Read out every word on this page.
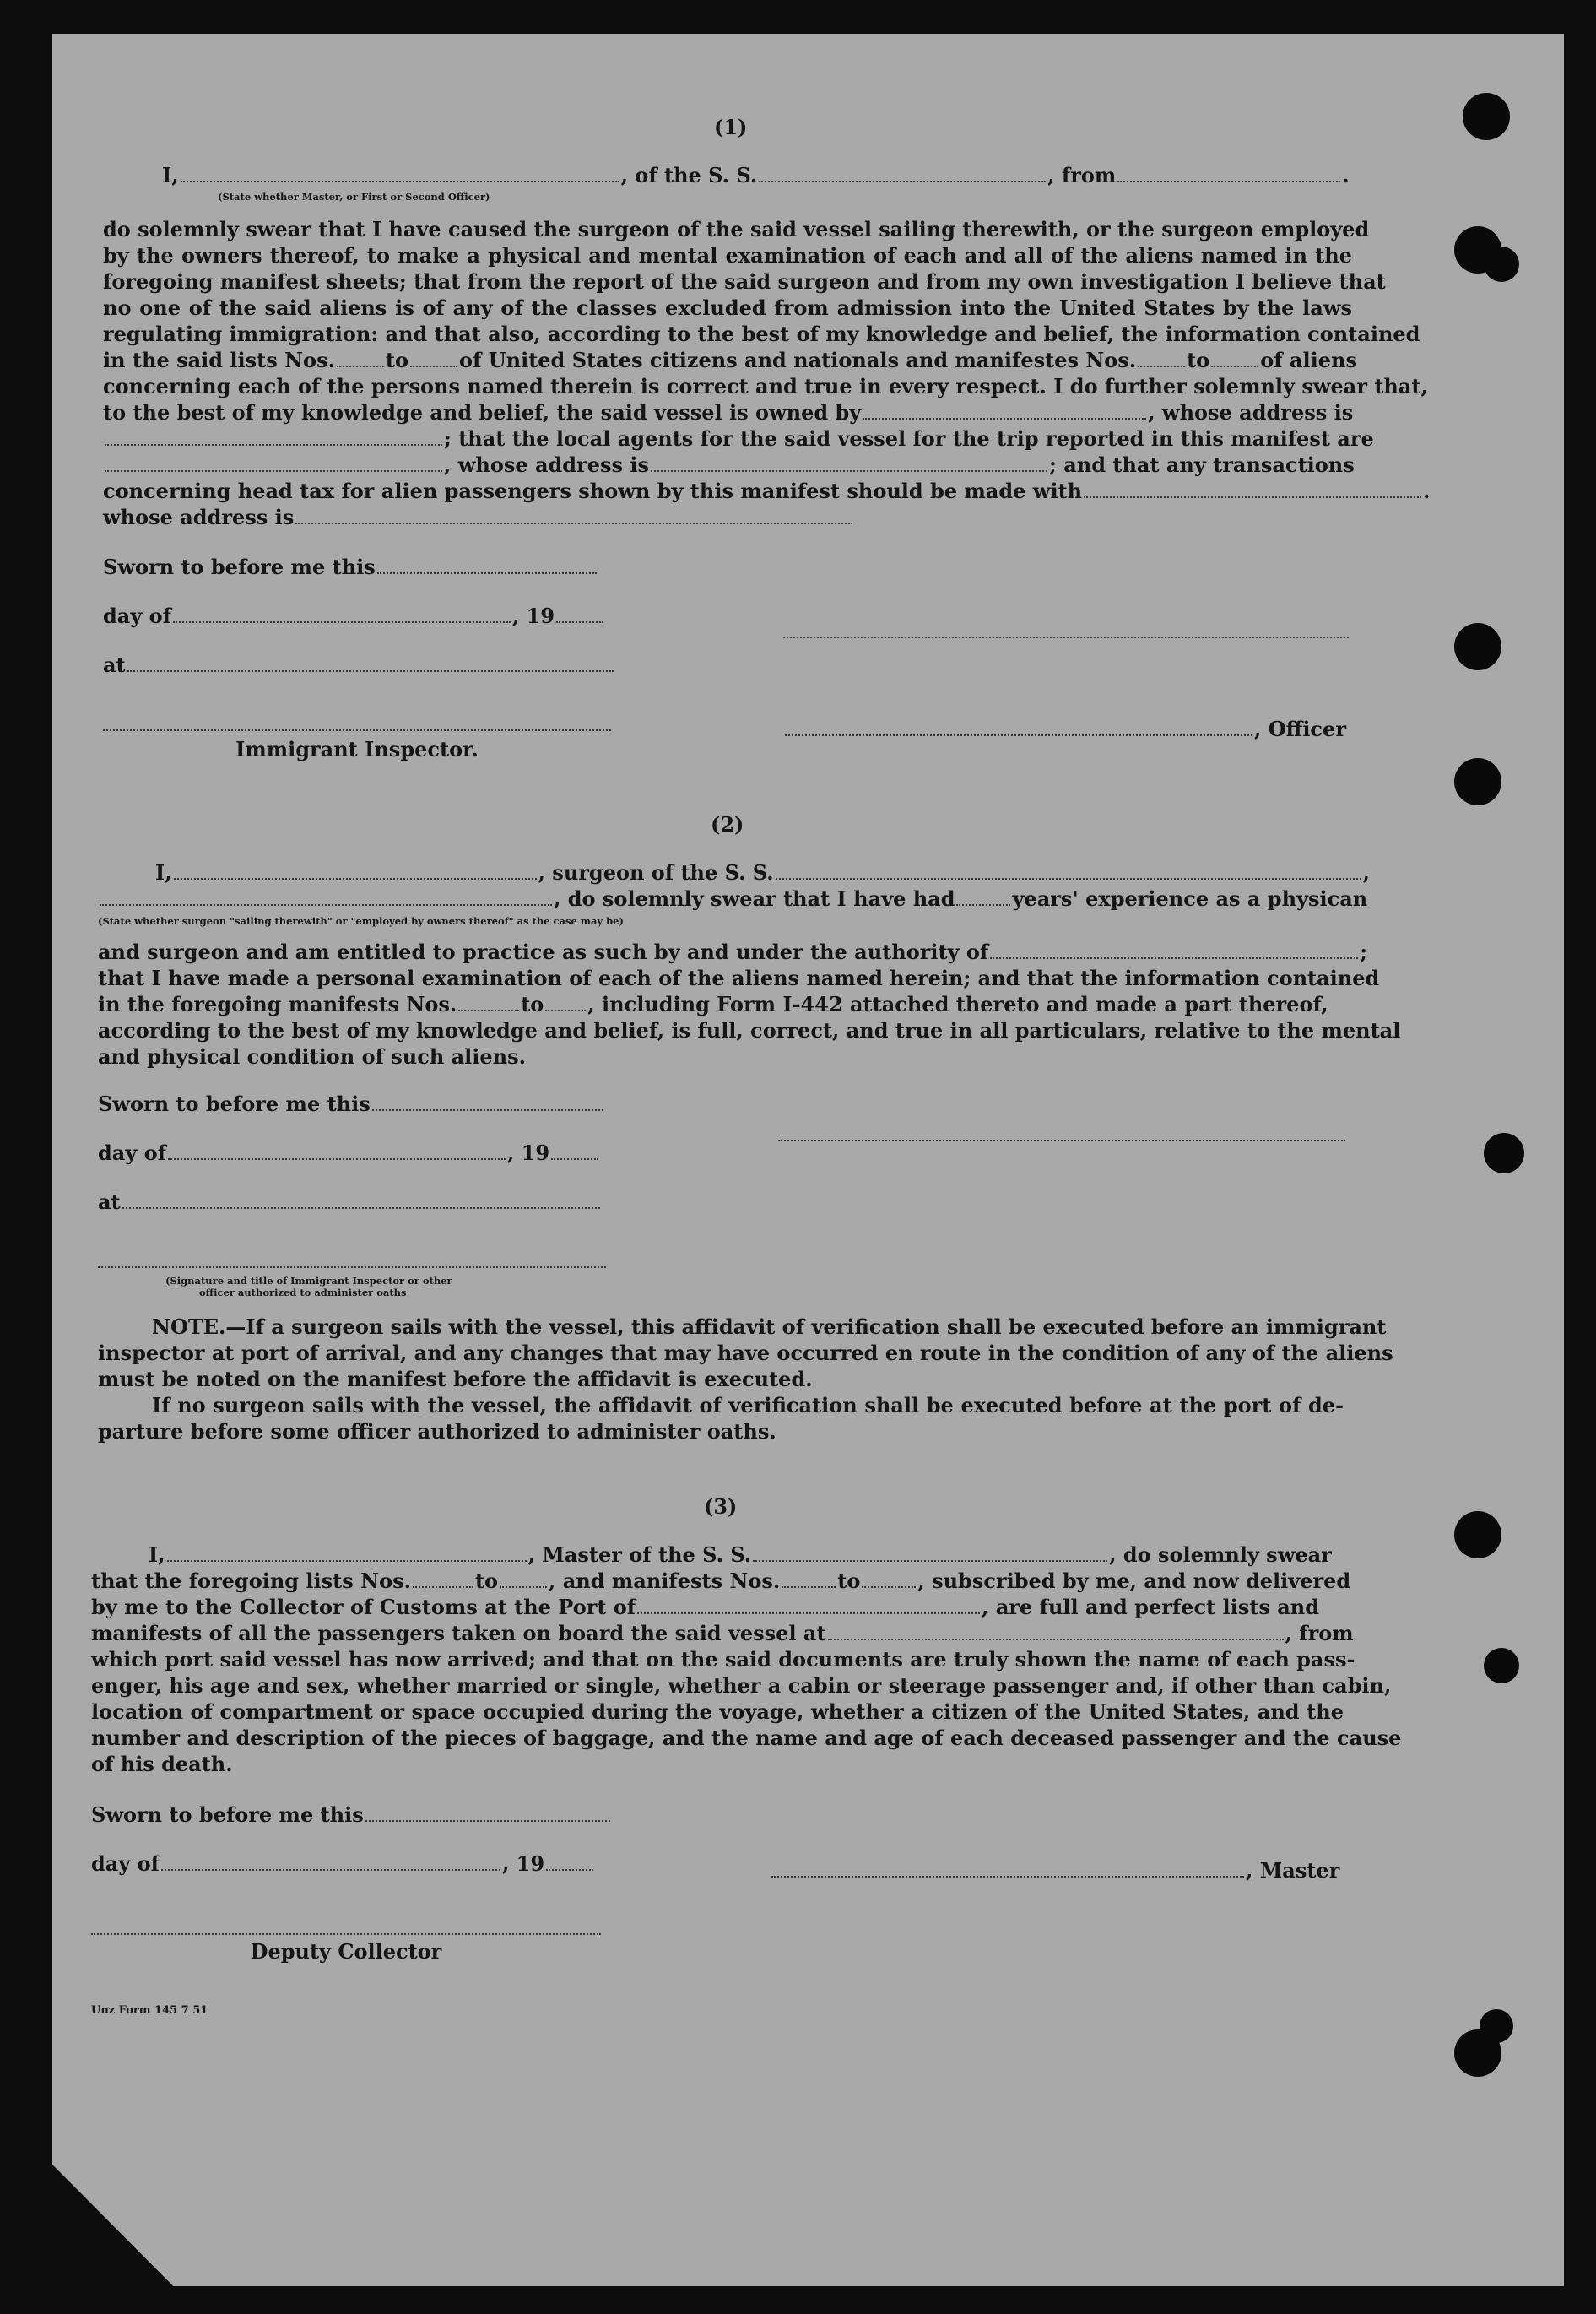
(1)
I,	, of the S. S.	, from	.
(State whether Master, or First or Second Officer)
do solemnly swear that I have caused the surgeon of the said vessel sailing therewith, or the surgeon employed
by the owners thereof, to make a physical and mental examination of each and all of the aliens named in the
foregoing manifest sheets; that from the report of the said surgeon and from my own investigation I believe that
no one of the said aliens is of any of the classes excluded from admission into the United States by the laws
regulating immigration: and that also, according to the best of my knowledge and belief, the information contained
in the said lists Nos.	to	of United States citizens and nationals and manifestes Nos.	to	of aliens
concerning each of the persons named therein is correct and true in every respect. I do further solemnly swear that,
to the best of my knowledge and belief, the said vessel is owned by	, whose address is
; that the local agents for the said vessel for the trip reported in this manifest are
, whose address is	; and that any transactions
concerning head tax for alien passengers shown by this manifest should be made with	.
whose address is
Sworn to before me this
day of	, 19
at
, Officer
Immigrant Inspector.
(2)
I,	, surgeon of the S. S.	,
, do solemnly swear that I have had	years' experience as a physican
(State whether surgeon "sailing therewith" or "employed by owners thereof" as the case may be)
and surgeon and am entitled to practice as such by and under the authority of	;
that I have made a personal examination of each of the aliens named herein; and that the information contained
in the foregoing manifests Nos.	to , including Form I-442 attached thereto and made a part thereof,
according to the best of my knowledge and belief, is full, correct, and true in all particulars, relative to the mental
and physical condition of such aliens.
Sworn to before me this
day of	, 19
at
(Signature and title of Immigrant Inspector or other
officer authorized to administer oaths
NOTE.—If a surgeon sails with the vessel, this affidavit of verification shall be executed before an immigrant
inspector at port of arrival, and any changes that may have occurred en route in the condition of any of the aliens
must be noted on the manifest before the affidavit is executed.
If no surgeon sails with the vessel, the affidavit of verification shall be executed before at the port of de-
parture before some officer authorized to administer oaths.
(3)
I,	, Master of the S. S.	, do solemnly swear
that the foregoing lists Nos.	to	, and manifests Nos.	to	, subscribed by me, and now delivered
by me to the Collector of Customs at the Port of	, are full and perfect lists and
manifests of all the passengers taken on board the said vessel at	, from
which port said vessel has now arrived; and that on the said documents are truly shown the name of each pass-
enger, his age and sex, whether married or single, whether a cabin or steerage passenger and, if other than cabin,
location of compartment or space occupied during the voyage, whether a citizen of the United States, and the
number and description of the pieces of baggage, and the name and age of each deceased passenger and the cause
of his death.
Sworn to before me this
day of	, 19	, Master
Deputy Collector
Unz Form 145 7 51
